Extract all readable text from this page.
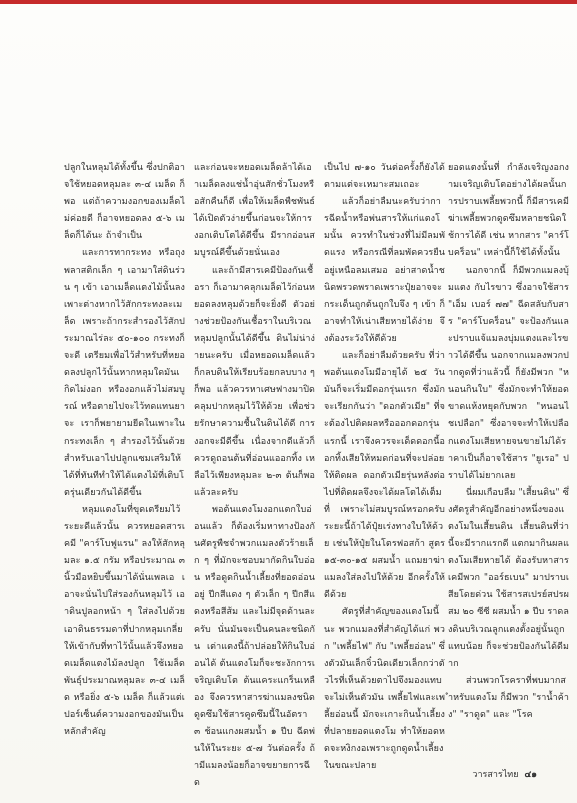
ปลูกในหลุมได้ทั้งขึ้น ซึ่งปกติอาจใช้หยอดหลุมละ ๓-๔ เมล็ด ก็พอ แต่ถ้าความงอกของเมล็ดไม่ค่อยดี ก็อาจหยอดลง ๕-๖ เมล็ดก็ได้นะ ถ้าจำเป็น

และการทากระทง หรือถุงพลาสติกเล็ก ๆ เอามาใส่ดินร่วน ๆ เข้า เอาเมล็ดแตงไม้นั้นลงเพาะต่างหากไว้สักกระทงละเมล็ด เพราะถ้ากระสำรองไว้สักประมาณไร่ละ ๕๐-๑๐๐ กระทงก็จะดี เตรียมเพื่อไว้สำหรับที่หยอดลงปลูกไว้นั้นหากหลุมใดมันเกิดไม่งอก หรืองอกแล้วไม่สมบูรณ์ หรือตายไปจะไว้ทดแทนยาจะ เราก็พยายามยีดในเพาะในกระทงเล็ก ๆ สำรองไว้นั้นด้วย สำหรับเอาไปปลูกแซมเสริมให้ได้ที่ทันทีทำให้ได้แตงไม้ที่เติบโตรุ่นเดียวกันได้ดีขึ้น

หลุมแตงโมที่ขุดเตรียมไว้ระยะดีแล้วนั้น ควรหยอดสารเคมี "คาร์โบฟูแรน" ลงให้สักหลุมละ ๑.๕ กรัม หรือประมาณ ๓ นิ้วมือหยิบขึ้นมาได้นั่นเพลเอ เอาจะนั่นไปใส่รองก้นหลุมไว้ เอาดินปูลอกหน้า ๆ ใส่ลงไปด้วย เอาดินธรรมดาที่ปากหลุมเกลี่ยให้เข้ากับที่ทาไว้นั้นแล้วจึงหยอดเมล็ดแตงไม้ลงปลูก ใช้เมล็ดพันธุ์ประมาณหลุมละ ๓-๔ เมล็ด หรือยิ่ง ๕-๖ เมล็ด ก็แล้วแต่เปอร์เซ็นต์ความงอกของมันเป็นหลักสำคัญ

และก่อนจะหยอดเมล็ดล้าได้เอาเมล็ดลงแช่น้ำอุ่นสักชั่วโมงหรือสักคืนก็ดี เพื่อให้เมล็ดพืชพันธ์ได้เปิดตัวง่ายขึ้นก่อนจะให้การงอกเติบโตได้ดีขึ้น มีรากอ่อนสมบูรณ์ดีขึ้นด้วยนั่นเอง

และถ้ามีสารเคมีป้องกันเชื้อรา ก็เอามาคลุกเมล็ดไว้ก่อนหยอดลงหลุมด้วยก็จะยิ่งดี ตัวอย่างช่วยป้องกันเชื้อราในบริเวณหลุมปลูกนั้นได้ดีขึ้น ดินไม่น่าง่ายนะครับ เมื่อหยอดเมล็ดแล้วก็กลบดินให้เรียบร้อยกลบบาง ๆ ก็พอ แล้วควรหาเศษฟางมาปิดคลุมปากหลุมไว้ให้ด้วย เพื่อช่วยรักษาความชื้นในดินได้ดี การงอกจะมีดีขึ้น เนื่องจากดีแล้วก็ควรดูถอนต้นที่อ่อนแออกทิ้ง เหลือไว้เพียงหลุมละ ๒-๓ ต้นก็พอแล้วละครับ

พอต้นแตงโมงอกแตกใบอ่อนแล้ว ก็ต้องเริ่มหาทางป้องกันศัตรูพืชจำพวกแมลงตัวร้ายเล็ก ๆ ที่มักจะชอบมากัดกินใบอ่อน หรือดูดกินน้ำเลี้ยงที่ยอดอ่อนอยู่ ปีกสีแดง ๆ ตัวเล็ก ๆ ปีกสีแดงหรือสีส้ม และไม่มีจุดด้านละครับ นั่นมันจะเป็นคนละชนิดกัน เต่าแตงนี้ถ้าปล่อยให้กินใบอ่อนได้ ต้นแตงโมก็จะชะงักการเจริญเติบโต ต้นแคระแกร็นเหลือง จึงควรหาสารฆ่าแมลงชนิดดูดซึมใช้สารคูดซึมนี้ในอัตรา ๓ ช้อนแกงผสมน้ำ ๑ ปีบ ฉีดพ่นให้ในระยะ ๕-๗ วันต่อครั้ง ถ้ามีแมลงน้อยก็อาจขยายการฉีด

เป็นไป ๗-๑๐ วันต่อครั้งก็ยังได้ ตามแต่จะเหมาะสมเถอะ

แล้วก็อย่าลืมนะครับว่าการฉีดน้ำหรือพ่นสารให้แก่แตงโมนั้น ควรทำในช่วงที่ไม่มีลมพัดแรง หรือกรณีที่ลมพัดควรยืนอยู่เหนือลมเสมอ อย่าสาดน้ำชนิดพรวดพราดเพราะปุ๋ยอาจจะกระเด็นถูกต้นถูกใบจึง ๆ เข้า ก็อาจทำให้เน่าเสียหายได้ง่าย จึงต้องระวังให้ดีด้วย

และก็อย่าลืมด้วยครับ ที่ว่าพอต้นแตงโมมีอายุได้ ๒๕ วัน มันก็จะเริ่มมีดอกรุ่นแรก ซึ่งมักจะเรียกกันว่า "ดอกตัวเมีย" ที่จะต้องไปติดผลหรือออกดอกรุ่นแรกนี้ เราจึงควรจะเด็ดดอกนี้ออกทิ้งเสียให้หมดก่อนที่จะปล่อยให้ติดผล ดอกตัวเมียรุ่นหลังต่อไปที่ติดผลจึงจะได้ผลโตได้เต็มที่ เพราะไม่สมบูรณ์หรอกครับ ระยะนี้ถ้าได้ปุ๋ยเร่งทางใบให้ด้วย เช่นให้ปุ๋ยในโตรฟอสก้า สูตร ๑๕-๓๐-๑๕ ผสมน้ำ แถมยาฆ่าแมลงใส่ลงไปให้ด้วย อีกครั้งให้ดีด้วย

ศัตรูที่สำคัญของแตงโมนี้นะ พวกแมลงที่สำคัญได้แก่ พวก "เพลี้ยไฟ" กับ "เพลี้ยอ่อน" ซึ่งตัวมันเล็กจิ๋วนิดเดียวเล็กกว่าตัวไรที่เห็นด้วยตาไปจึงมองแทบจะไม่เห็นตัวมัน เพลี้ยไฟและเพลี้ยอ่อนนี้ มักจะเกาะกินน้ำเลี้ยงที่ปลายยอดแตงโม ทำให้ยอดหดจะหงิกงอเพราะถูกดูดน้ำเลี้ยงในขณะปลาย

ยอดแตงนั้นที่ กำลังเจริญงอกงามเจริญเติบโตอย่างได้ผลนั้นการปราบเพลี้ยพวกนี้ ก็มีสารเคมีฆ่าเพลี้ยพวกดูดซึมหลายชนิดใช้การได้ดี เช่น หากสาร "คาร์โบคร็อน" เหล่านี้ก็ใช้ได้ทั้งนั้น

นอกจากนี้ ก็มีพวกแมลงบุ้มแตง กับไรขาว ซึ่งอาจใช้สาร "เอ็ม เบอร์ ๗๗" ฉีดสลับกับสาร "คาร์โบคร็อน" จะป้องกันและปราบแจ้แมลงบุ่มแตงและไรขาวได้ดีขึ้น นอกจากแมลงพวกปากดูดที่ว่าแล้วนี้ ก็ยังมีพวก "หนอนกินใบ" ซึ่งมักจะทำให้ยอดขาดแห้งหยุดกับพวก "หนอนไชเปลือก" ซึ่งอาจจะทำให้เปลือกแตงโมเสียหายจนขายไม่ได้ราคาเป็นก็อาจใช้สาร "ยูเรอ" ปราบได้ไม่ยากเลย

นี่ผมเกือบลืม "เสี้ยนดิน" ซึ่งศัตรูสำคัญอีกอย่างหนึ่งของแตงโมในเสี้ยนดิน เสี้ยนดินที่ว่านี้จะมีรากแรกดี แตกมากินผลแตงโมเสียหายได้ ต้องรับหาสารเคมีพวก "ออร์ธเบน" มาปราบเสียโดยด่วน ใช้สารสเปรย์สปรผสม ๒๐ ซีซี ผสมน้ำ ๑ ปีบ ราดลงดินบริเวณลูกแตงตั้งอยู่นั้นถูกแทบน้อย ก็จะช่วยป้องกันได้ดีมาก

ส่วนพวกโรคราที่พบมากสำหรับแตงโม ก็มีพวก "ราน้ำค้าง" "ราดูด" และ "โรค

วารสารไทย ๔๑
